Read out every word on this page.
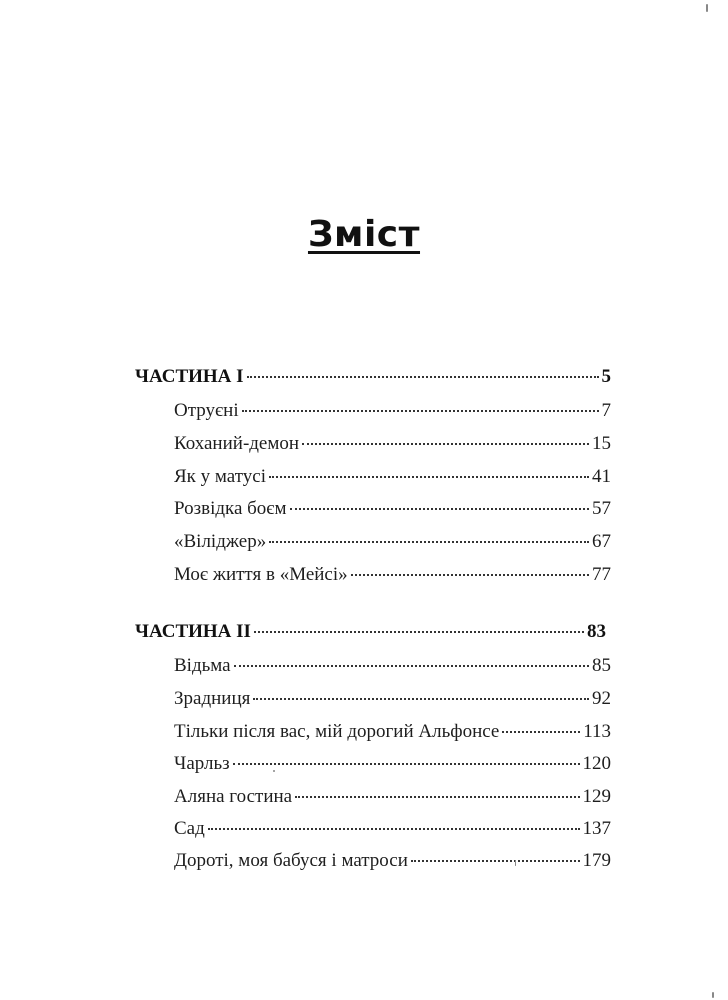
Зміст
ЧАСТИНА І	5
Отруєні	7
Коханий-демон	15
Як у матусі	41
Розвідка боєм	57
«Віліджер»	67
Моє життя в «Мейсі»	77
ЧАСТИНА ІІ	83
Відьма	85
Зрадниця	92
Тільки після вас, мій дорогий Альфонсе	113
Чарльз	120
Аляна гостина	129
Сад	137
Дороті, моя бабуся і матроси	179
